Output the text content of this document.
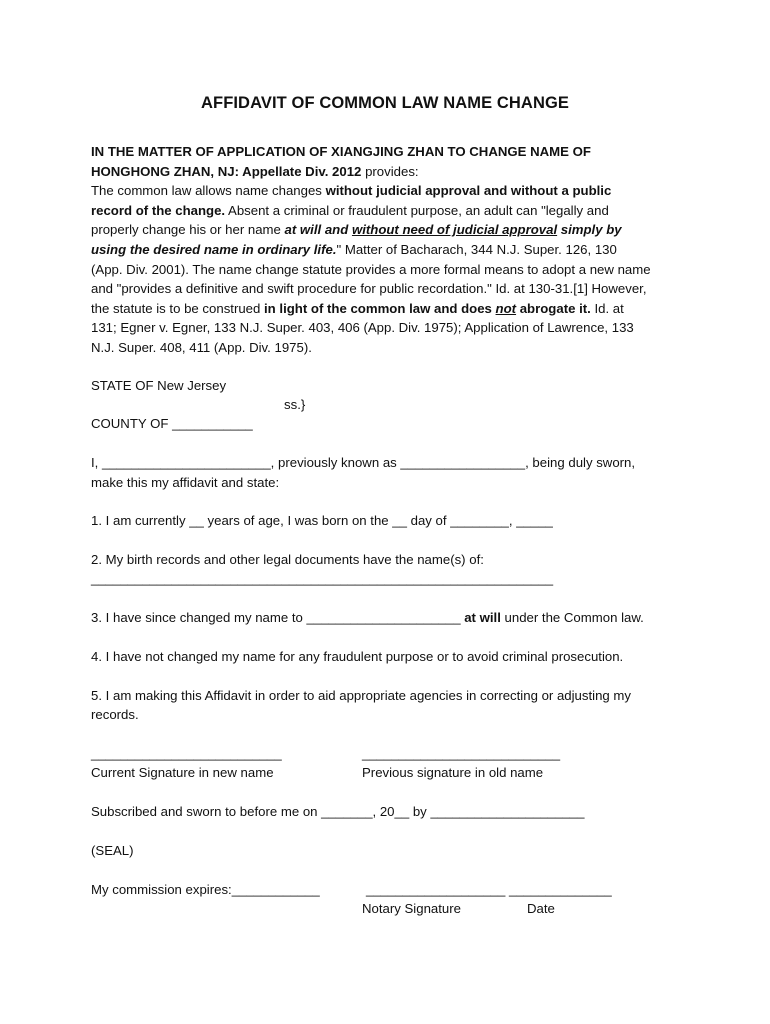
AFFIDAVIT OF COMMON LAW NAME CHANGE
IN THE MATTER OF APPLICATION OF XIANGJING ZHAN TO CHANGE NAME OF
HONGHONG ZHAN, NJ: Appellate Div. 2012 provides:
The common law allows name changes without judicial approval and without a public
record of the change. Absent a criminal or fraudulent purpose, an adult can "legally and
properly change his or her name at will and without need of judicial approval simply by
using the desired name in ordinary life." Matter of Bacharach, 344 N.J. Super. 126, 130
(App. Div. 2001). The name change statute provides a more formal means to adopt a new name
and "provides a definitive and swift procedure for public recordation." Id. at 130-31.[1] However,
the statute is to be construed in light of the common law and does not abrogate it. Id. at
131; Egner v. Egner, 133 N.J. Super. 403, 406 (App. Div. 1975); Application of Lawrence, 133
N.J. Super. 408, 411 (App. Div. 1975).
STATE OF New Jersey
ss.}
COUNTY OF ___________
I, _______________________, previously known as _________________, being duly sworn,
make this my affidavit and state:
1. I am currently __ years of age, I was born on the __ day of ________, _____
2. My birth records and other legal documents have the name(s) of:
_______________________________________________________________
3. I have since changed my name to _____________________ at will under the Common law.
4. I have not changed my name for any fraudulent purpose or to avoid criminal prosecution.
5. I am making this Affidavit in order to aid appropriate agencies in correcting or adjusting my
records.
__________________________
Current Signature in new name
___________________________
Previous signature in old name
Subscribed and sworn to before me on _______, 20__ by _____________________
(SEAL)
My commission expires:____________	___________________ ______________
Notary Signature	Date
